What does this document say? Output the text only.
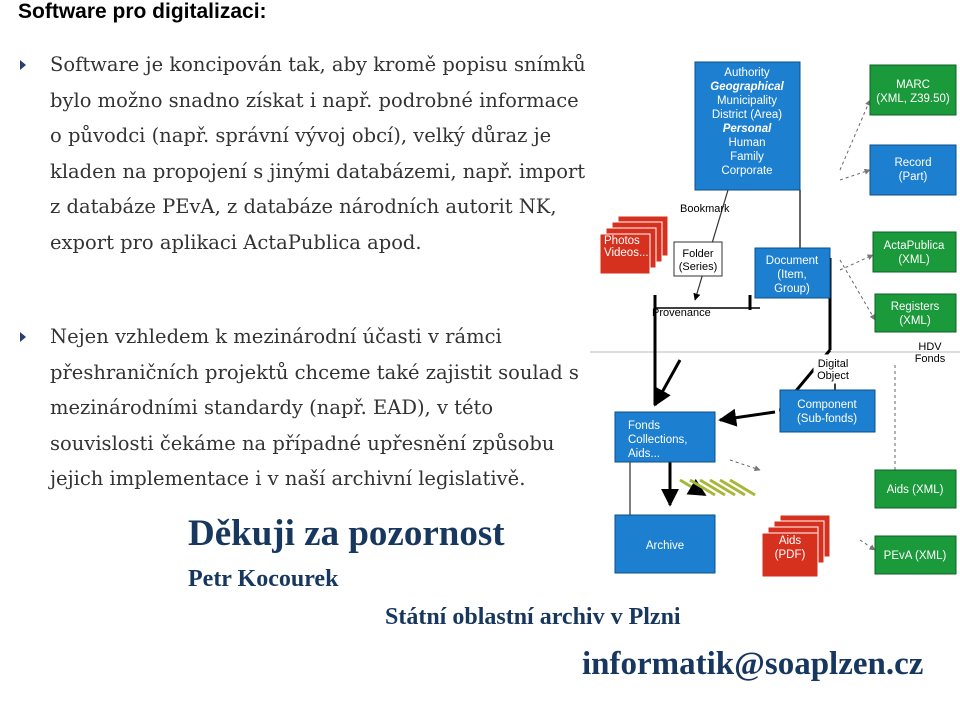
Software pro digitalizaci:
Software je koncipován tak, aby kromě popisu snímků bylo možno snadno získat i např. podrobné informace o původci (např. správní vývoj obcí), velký důraz je kladen na propojení s jinými databázemi, např. import z databáze PEvA, z databáze národních autorit NK, export pro aplikaci ActaPublica apod.
Nejen vzhledem k mezinárodní účasti v rámci přeshraničních projektů chceme také zajistit soulad s mezinárodními standardy (např. EAD), v této souvislosti čekáme na případné upřesnění způsobu jejich implementace i v naší archivní legislativě.
Authority
Geographical
Municipality
District (Area)
Personal
Human
Family
Corporate
MARC
(XML, Z39.50)
Record
(Part)
Bookmark
Photos
Videos...	Folder
(Series)	Document
(Item,
Group)
ActaPublica
(XML)
Registers
(XML)
Provenance
HDV
Fonds
Digital
Object
Component
(Sub-fonds)
Fonds
Collections,
Aids...
Aids (XML)
Archive	Aids
(PDF)	PEvA (XML)
Děkuji za pozornost
Petr Kocourek
Státní oblastní archiv v Plzni
informatik@soaplzen.cz
